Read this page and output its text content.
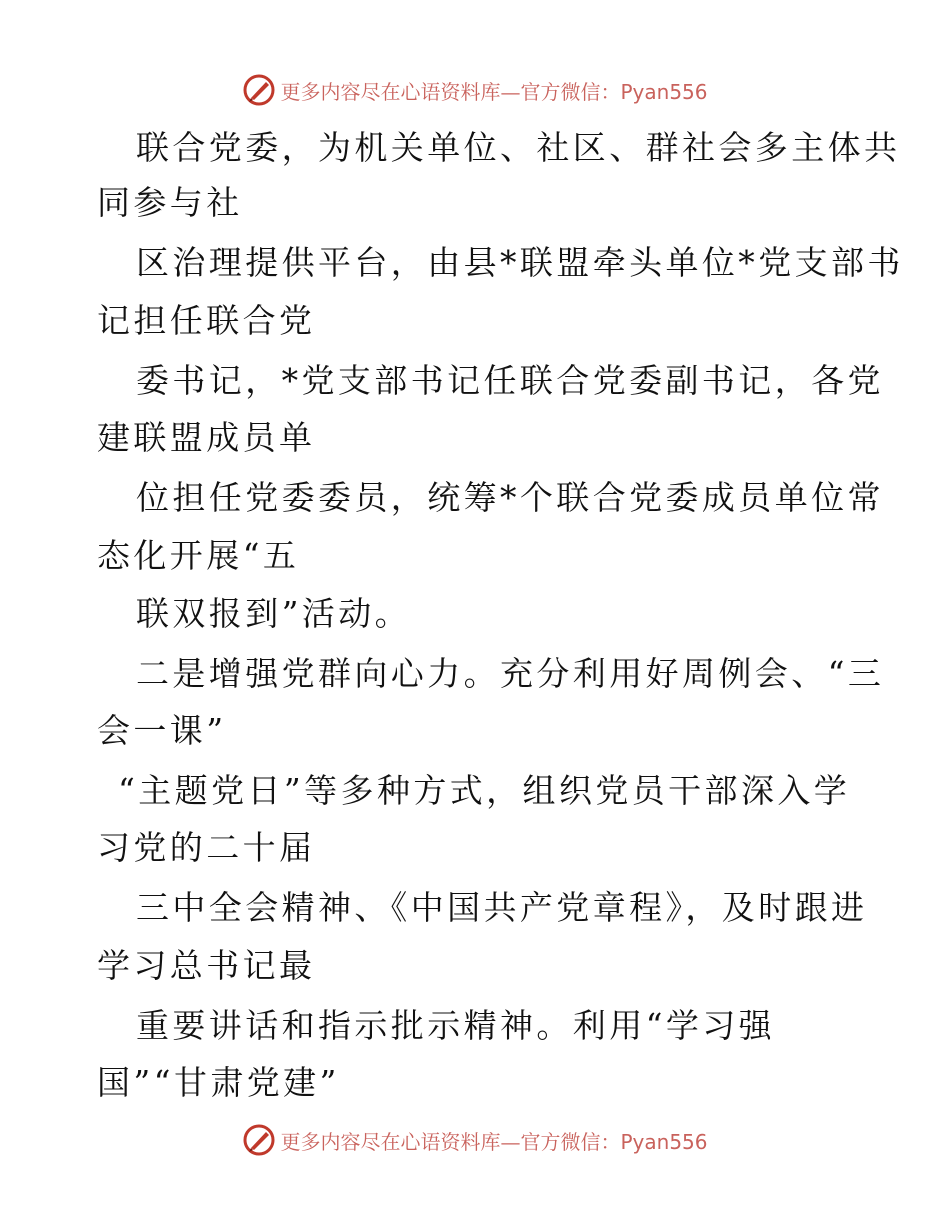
更多内容尽在心语资料库—官方微信：Pyan556
联合党委，为机关单位、社区、群社会多主体共
同参与社
区治理提供平台，由县*联盟牵头单位*党支部书
记担任联合党
委书记，*党支部书记任联合党委副书记，各党
建联盟成员单
位担任党委委员，统筹*个联合党委成员单位常
态化开展“五
联双报到”活动。
二是增强党群向心力。充分利用好周例会、“三
会一课”
“主题党日”等多种方式，组织党员干部深入学
习党的二十届
三中全会精神、《中国共产党章程》，及时跟进
学习总书记最
重要讲话和指示批示精神。利用“学习强
国”“甘肃党建”
更多内容尽在心语资料库—官方微信：Pyan556
